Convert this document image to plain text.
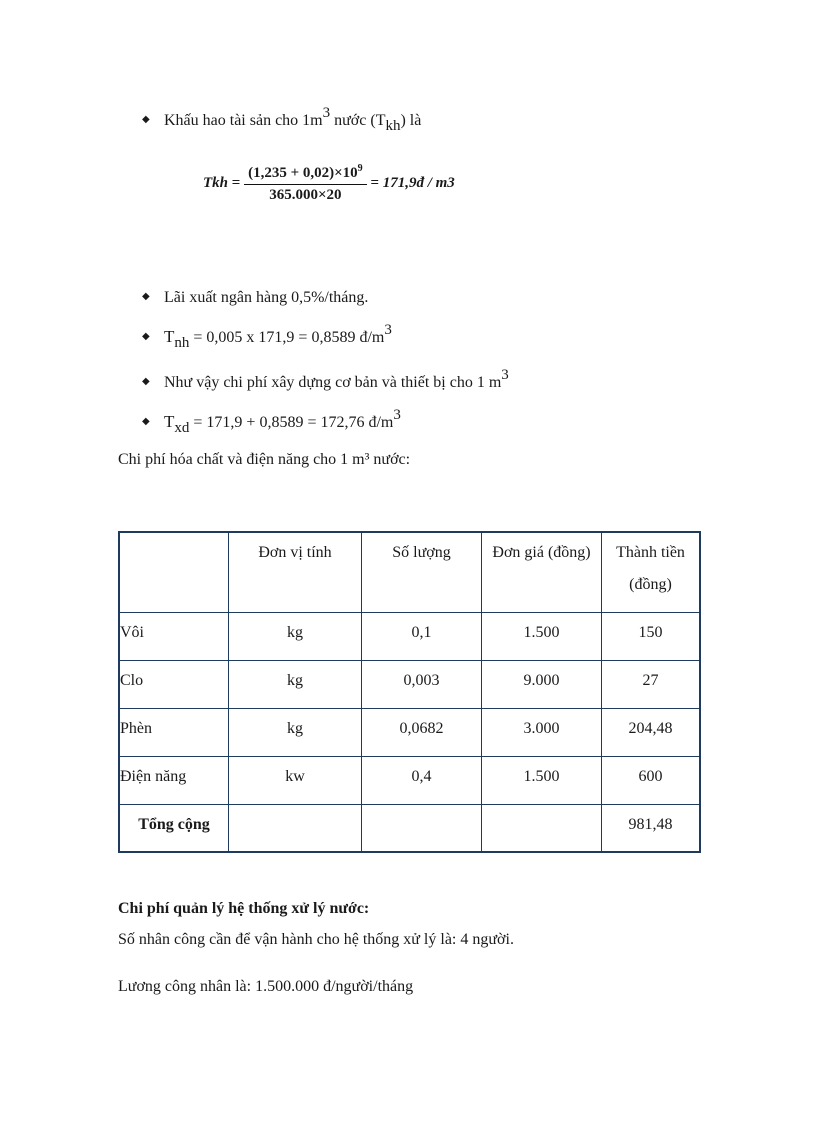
◆ Khấu hao tài sản cho $1m^3$ nước $(T_{kh})$ là
Tkh = $\frac{(1,235 + 0,02)\times 10^9}{365.000\times 20}$ = 171,9đ / m3
◆ Lãi xuất ngân hàng 0,5%/tháng.
◆ $T_{nh} = 0,005$ x 171,9 = 0,8589 $đ/m^3$
◆ Như vậy chi phí xây dựng cơ bản và thiết bị cho 1 $m^3$
◆ $T_{xd} = 171,9 + 0,8589 = 172,76$ $đ/m^3$
Chi phí hóa chất và điện năng cho 1 m³ nước:
	Đơn vị tính	Số lượng	Đơn giá (đồng)	Thành tiền (đồng)
Vôi	kg	0,1	1.500	150
Clo	kg	0,003	9.000	27
Phèn	kg	0,0682	3.000	204,48
Điện năng	kw	0,4	1.500	600
Tổng cộng				981,48
Chi phí quản lý hệ thống xử lý nước:
Số nhân công cần để vận hành cho hệ thống xử lý là: 4 người.
Lương công nhân là: 1.500.000 đ/người/tháng
